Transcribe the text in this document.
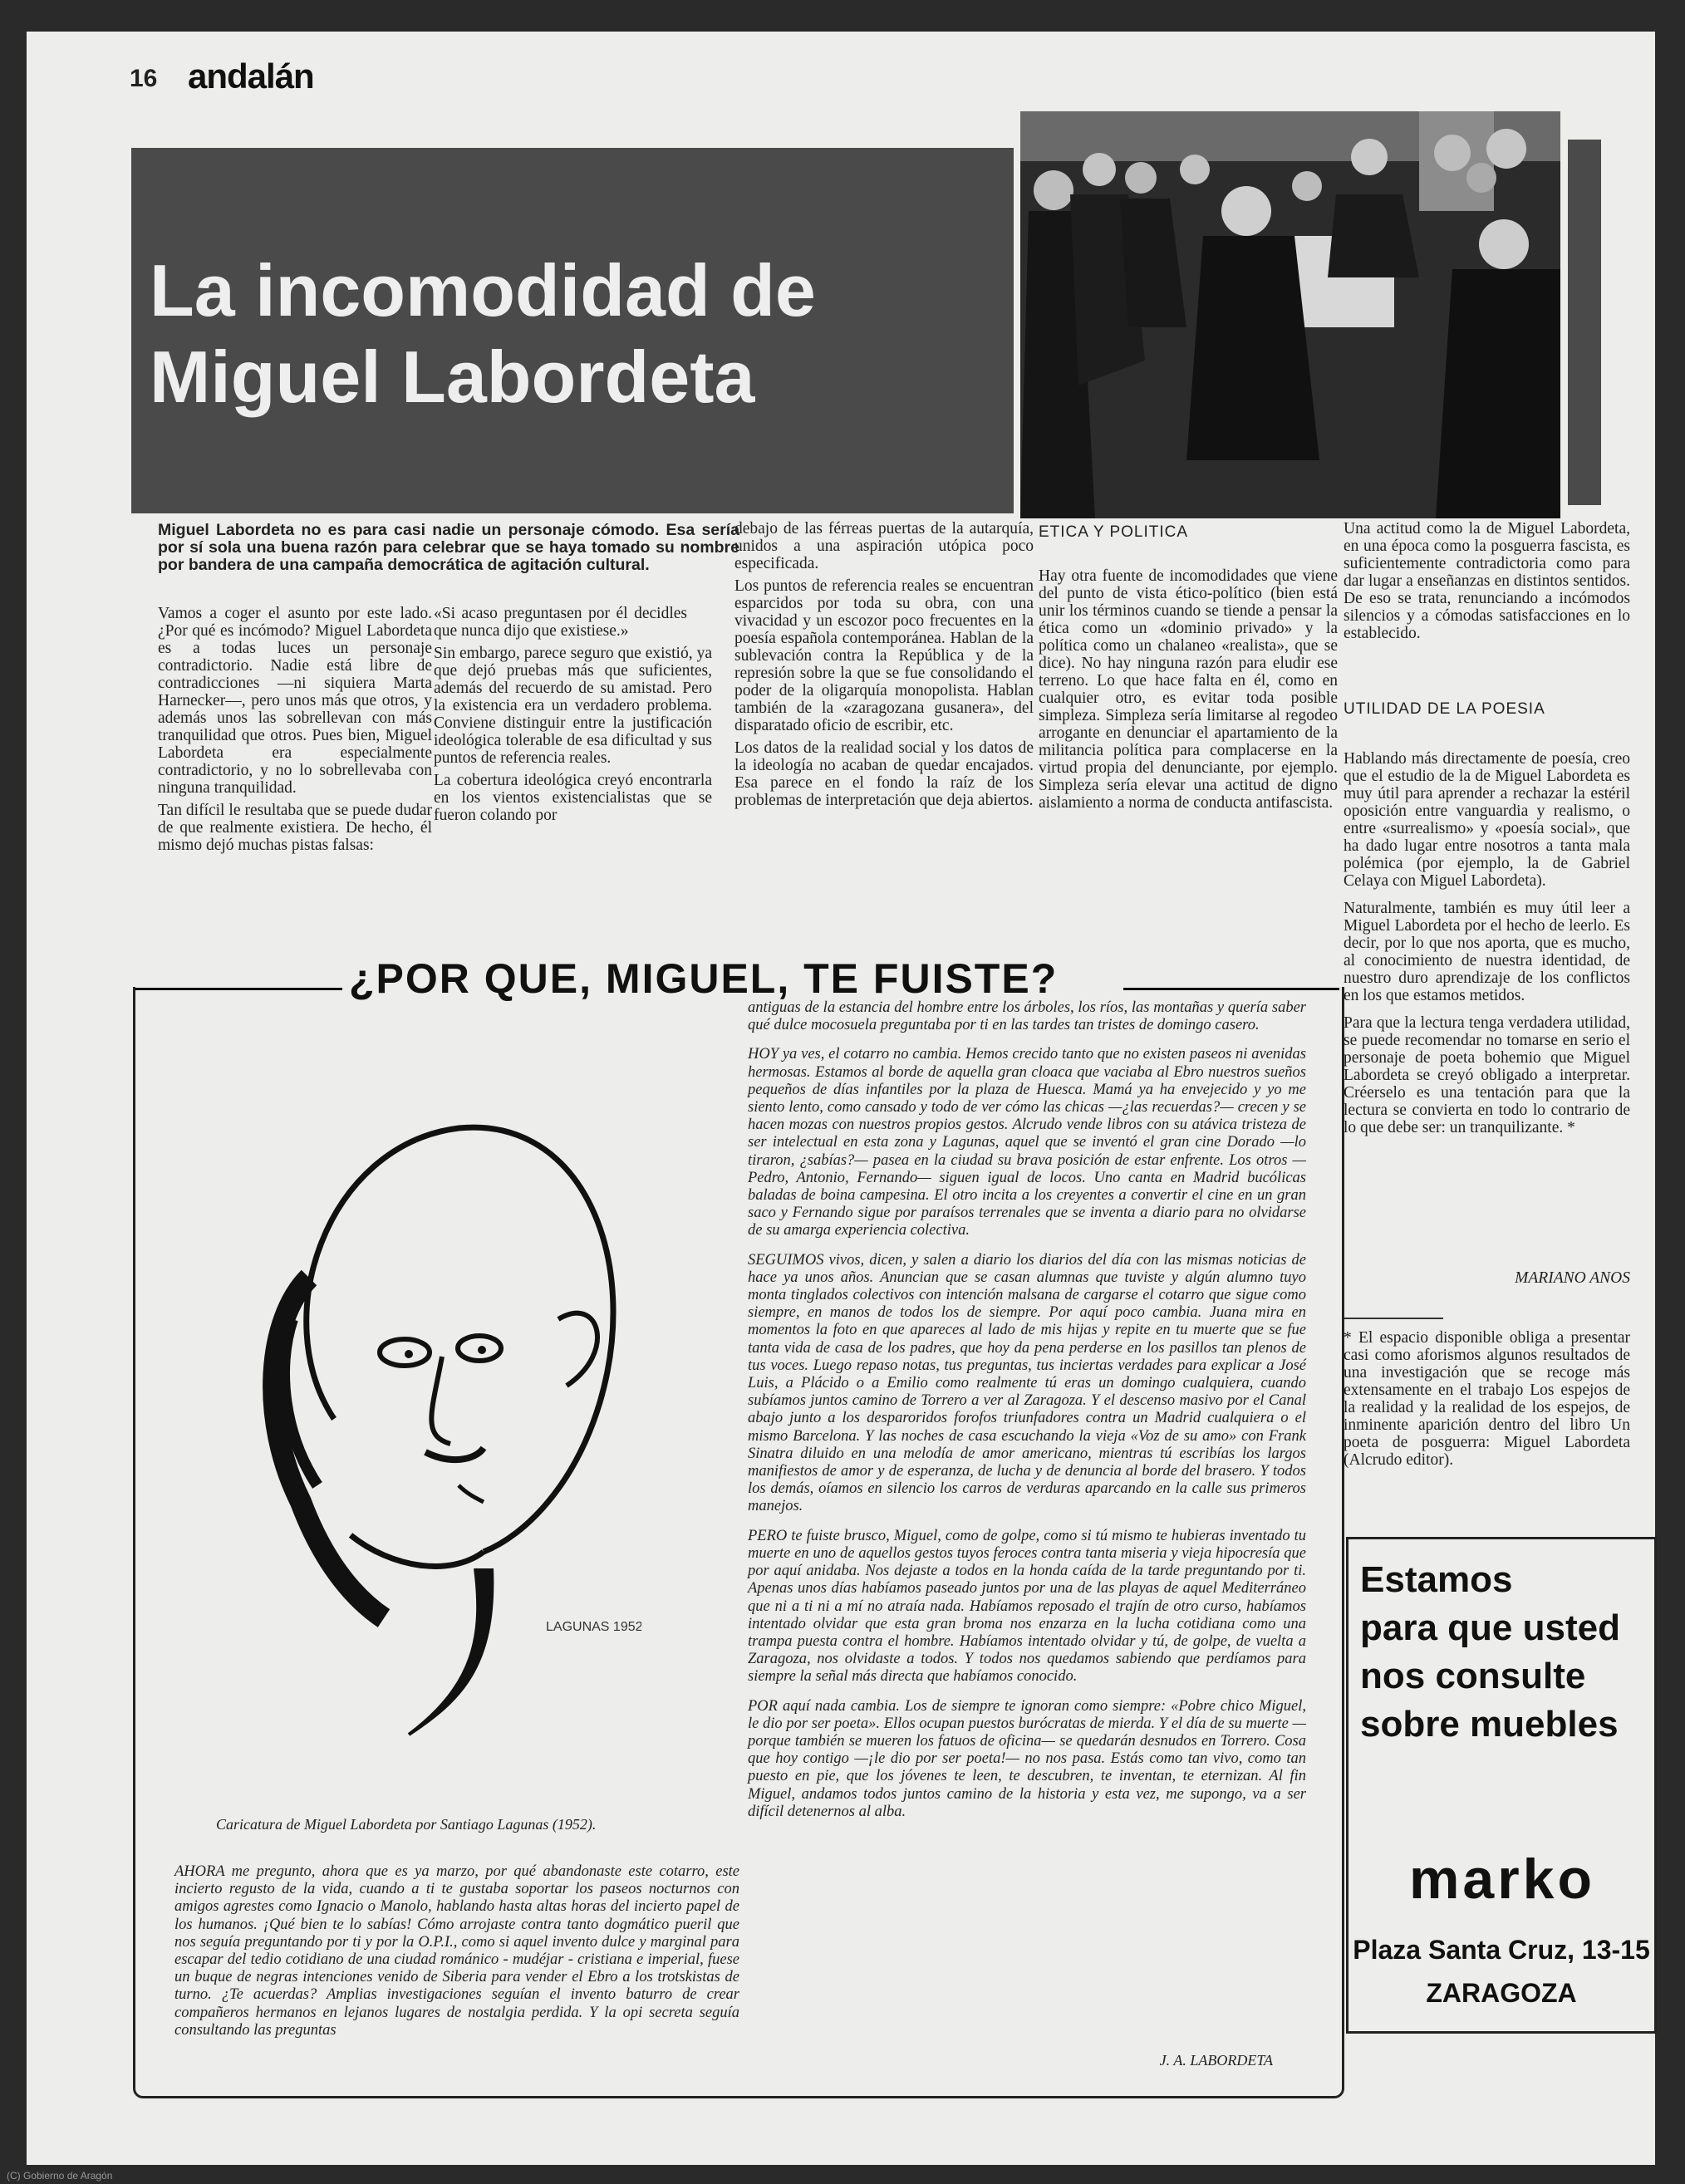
16 andalán
La incomodidad de
Miguel Labordeta
Miguel Labordeta no es para casi nadie un personaje cómodo. Esa sería por sí sola una buena razón para celebrar que se haya tomado su nombre por bandera de una campaña democrática de agitación cultural.

Vamos a coger el asunto por este lado. ¿Por qué es incómodo? Miguel Labordeta es a todas luces un personaje contradictorio. Nadie está libre de contradicciones —ni siquiera Marta Harnecker—, pero unos más que otros, y además unos las sobrellevan con más tranquilidad que otros. Pues bien, Miguel Labordeta era especialmente contradictorio, y no lo sobrellevaba con ninguna tranquilidad.

Tan difícil le resultaba que se puede dudar de que realmente existiera. De hecho, él mismo dejó muchas pistas falsas:

«Si acaso preguntasen por él decidles que nunca dijo que existiese.»

Sin embargo, parece seguro que existió, ya que dejó pruebas más que suficientes, además del recuerdo de su amistad. Pero la existencia era un verdadero problema. Conviene distinguir entre la justificación ideológica tolerable de esa dificultad y sus puntos de referencia reales.

La cobertura ideológica creyó encontrarla en los vientos existencialistas que se fueron colando por

debajo de las férreas puertas de la autarquía, unidos a una aspiración utópica poco especificada.

Los puntos de referencia reales se encuentran esparcidos por toda su obra, con una vivacidad y un escozor poco frecuentes en la poesía española contemporánea. Hablan de la sublevación contra la República y de la represión sobre la que se fue consolidando el poder de la oligarquía monopolista. Hablan también de la «zaragozana gusanera», del disparatado oficio de escribir, etc.

Los datos de la realidad social y los datos de la ideología no acaban de quedar encajados. Esa parece en el fondo la raíz de los problemas de interpretación que deja abiertos.

ETICA Y POLITICA

Hay otra fuente de incomodidades que viene del punto de vista ético-político (bien está unir los términos cuando se tiende a pensar la ética como un «dominio privado» y la política como un chalaneo «realista», que se dice). No hay ninguna razón para eludir ese terreno. Lo que hace falta en él, como en cualquier otro, es evitar toda posible simpleza. Simpleza sería limitarse al regodeo arrogante en denunciar el apartamiento de la militancia política para complacerse en la virtud propia del denunciante, por ejemplo. Simpleza sería elevar una actitud de digno aislamiento a norma de conducta antifascista.

Una actitud como la de Miguel Labordeta, en una época como la posguerra fascista, es suficientemente contradictoria como para dar lugar a enseñanzas en distintos sentidos. De eso se trata, renunciando a incómodos silencios y a cómodas satisfacciones en lo establecido.

UTILIDAD DE LA POESIA

Hablando más directamente de poesía, creo que el estudio de la de Miguel Labordeta es muy útil para aprender a rechazar la estéril oposición entre vanguardia y realismo, o entre «surrealismo» y «poesía social», que ha dado lugar entre nosotros a tanta mala polémica (por ejemplo, la de Gabriel Celaya con Miguel Labordeta).

Naturalmente, también es muy útil leer a Miguel Labordeta por el hecho de leerlo. Es decir, por lo que nos aporta, que es mucho, al conocimiento de nuestra identidad, de nuestro duro aprendizaje de los conflictos en los que estamos metidos.

Para que la lectura tenga verdadera utilidad, se puede recomendar no tomarse en serio el personaje de poeta bohemio que Miguel Labordeta se creyó obligado a interpretar. Créerselo es una tentación para que la lectura se convierta en todo lo contrario de lo que debe ser: un tranquilizante. *

MARIANO ANOS
* El espacio disponible obliga a presentar casi como aforismos algunos resultados de una investigación que se recoge más extensamente en el trabajo Los espejos de la realidad y la realidad de los espejos, de inminente aparición dentro del libro Un poeta de posguerra: Miguel Labordeta (Alcrudo editor).
¿POR QUE, MIGUEL, TE FUISTE?
LAGUNAS 1952
Caricatura de Miguel Labordeta por Santiago Lagunas (1952).

AHORA me pregunto, ahora que es ya marzo, por qué abandonaste este cotarro, este incierto regusto de la vida, cuando a ti te gustaba soportar los paseos nocturnos con amigos agrestes como Ignacio o Manolo, hablando hasta altas horas del incierto papel de los humanos. ¡Qué bien te lo sabías! Cómo arrojaste contra tanto dogmático pueril que nos seguía preguntando por ti y por la O.P.I., como si aquel invento dulce y marginal para escapar del tedio cotidiano de una ciudad románico - mudéjar - cristiana e imperial, fuese un buque de negras intenciones venido de Siberia para vender el Ebro a los trotskistas de turno. ¿Te acuerdas? Amplias investigaciones seguían el invento baturro de crear compañeros hermanos en lejanos lugares de nostalgia perdida. Y la opi secreta seguía consultando las preguntas

antiguas de la estancia del hombre entre los árboles, los ríos, las montañas y quería saber qué dulce mocosuela preguntaba por ti en las tardes tan tristes de domingo casero.

HOY ya ves, el cotarro no cambia. Hemos crecido tanto que no existen paseos ni avenidas hermosas. Estamos al borde de aquella gran cloaca que vaciaba al Ebro nuestros sueños pequeños de días infantiles por la plaza de Huesca. Mamá ya ha envejecido y yo me siento lento, como cansado y todo de ver cómo las chicas —¿las recuerdas?— crecen y se hacen mozas con nuestros propios gestos. Alcrudo vende libros con su atávica tristeza de ser intelectual en esta zona y Lagunas, aquel que se inventó el gran cine Dorado —lo tiraron, ¿sabías?— pasea en la ciudad su brava posición de estar enfrente. Los otros —Pedro, Antonio, Fernando— siguen igual de locos. Uno canta en Madrid bucólicas baladas de boina campesina. El otro incita a los creyentes a convertir el cine en un gran saco y Fernando sigue por paraísos terrenales que se inventa a diario para no olvidarse de su amarga experiencia colectiva.

SEGUIMOS vivos, dicen, y salen a diario los diarios del día con las mismas noticias de hace ya unos años. Anuncian que se casan alumnas que tuviste y algún alumno tuyo monta tinglados colectivos con intención malsana de cargarse el cotarro que sigue como siempre, en manos de todos los de siempre. Por aquí poco cambia. Juana mira en momentos la foto en que apareces al lado de mis hijas y repite en tu muerte que se fue tanta vida de casa de los padres, que hoy da pena perderse en los pasillos tan plenos de tus voces. Luego repaso notas, tus preguntas, tus inciertas verdades para explicar a José Luis, a Plácido o a Emilio como realmente tú eras un domingo cualquiera, cuando subíamos juntos camino de Torrero a ver al Zaragoza. Y el descenso masivo por el Canal abajo junto a los desparoridos forofos triunfadores contra un Madrid cualquiera o el mismo Barcelona. Y las noches de casa escuchando la vieja «Voz de su amo» con Frank Sinatra diluido en una melodía de amor americano, mientras tú escribías los largos manifiestos de amor y de esperanza, de lucha y de denuncia al borde del brasero. Y todos los demás, oíamos en silencio los carros de verduras aparcando en la calle sus primeros manejos.

PERO te fuiste brusco, Miguel, como de golpe, como si tú mismo te hubieras inventado tu muerte en uno de aquellos gestos tuyos feroces contra tanta miseria y vieja hipocresía que por aquí anidaba. Nos dejaste a todos en la honda caída de la tarde preguntando por ti. Apenas unos días habíamos paseado juntos por una de las playas de aquel Mediterráneo que ni a ti ni a mí no atraía nada. Habíamos reposado el trajín de otro curso, habíamos intentado olvidar que esta gran broma nos enzarza en la lucha cotidiana como una trampa puesta contra el hombre. Habíamos intentado olvidar y tú, de golpe, de vuelta a Zaragoza, nos olvidaste a todos. Y todos nos quedamos sabiendo que perdíamos para siempre la señal más directa que habíamos conocido.

POR aquí nada cambia. Los de siempre te ignoran como siempre: «Pobre chico Miguel, le dio por ser poeta». Ellos ocupan puestos burócratas de mierda. Y el día de su muerte —porque también se mueren los fatuos de oficina— se quedarán desnudos en Torrero. Cosa que hoy contigo —¡le dio por ser poeta!— no nos pasa. Estás como tan vivo, como tan puesto en pie, que los jóvenes te leen, te descubren, te inventan, te eternizan. Al fin Miguel, andamos todos juntos camino de la historia y esta vez, me supongo, va a ser difícil detenernos al alba.

J. A. LABORDETA
Estamos
para que usted
nos consulte
sobre muebles
marko
Plaza Santa Cruz, 13-15
ZARAGOZA
(C) Gobierno de Aragón
